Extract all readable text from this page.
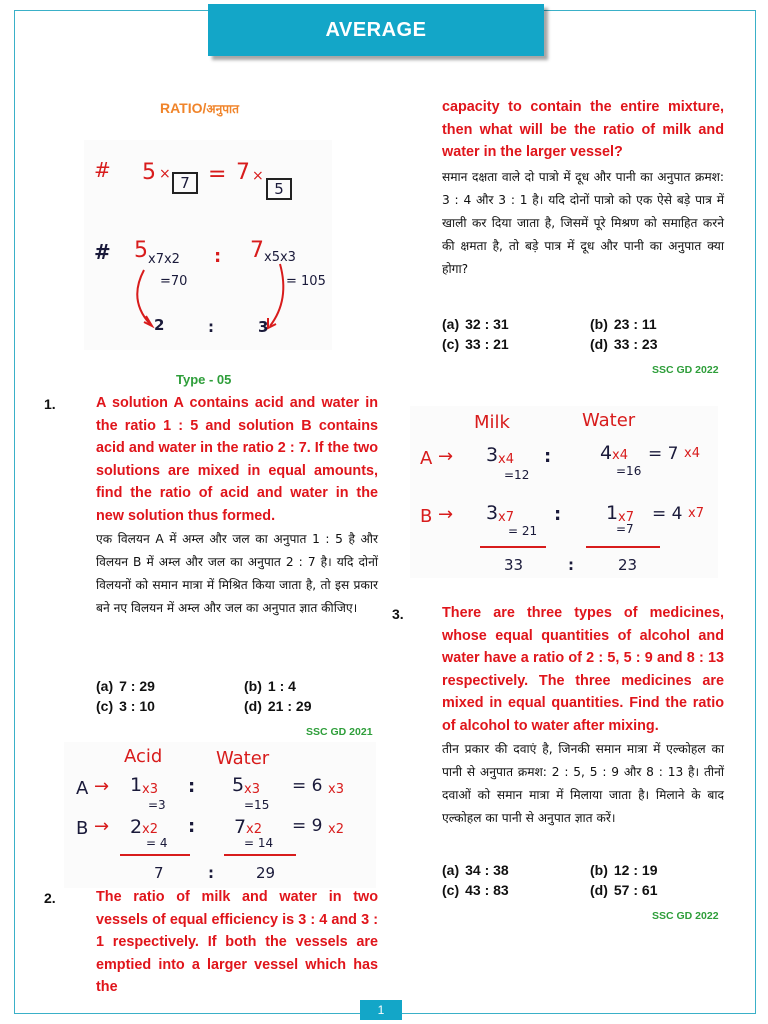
AVERAGE
RATIO/अनुपात
# 5 × 7 = 7 ×
5
# 5 x7x2 : 7 x5x3
=70	= 105
2	:	3
Type - 05
1.	A solution A contains acid and water in the ratio 1 : 5 and solution B contains acid and water in the ratio 2 : 7. If the two solutions are mixed in equal amounts, find the ratio of acid and water in the new solution thus formed.
एक विलयन A में अम्ल और जल का अनुपात 1 : 5 है और विलयन B में अम्ल और जल का अनुपात 2 : 7 है। यदि दोनों विलयनों को समान मात्रा में मिश्रित किया जाता है, तो इस प्रकार बने नए विलयन में अम्ल और जल का अनुपात ज्ञात कीजिए।
(a) 7 : 29	(b) 1 : 4
(c) 3 : 10	(d) 21 : 29
SSC GD 2021
Acid	Water
A → 1 x3 : 5 x3 = 6 x3
=3	=15
B → 2 x2 : 7 x2 = 9 x2
= 4	= 14
7	:	29
2.	The ratio of milk and water in two vessels of equal efficiency is 3 : 4 and 3 : 1 respectively. If both the vessels are emptied into a larger vessel which has the
capacity to contain the entire mixture, then what will be the ratio of milk and water in the larger vessel?
समान दक्षता वाले दो पात्रो में दूध और पानी का अनुपात क्रमश: 3 : 4 और 3 : 1 है। यदि दोनों पात्रो को एक ऐसे बड़े पात्र में खाली कर दिया जाता है, जिसमें पूरे मिश्रण को समाहित करने की क्षमता है, तो बड़े पात्र में दूध और पानी का अनुपात क्या होगा?
(a) 32 : 31	(b) 23 : 11
(c) 33 : 21	(d) 33 : 23
SSC GD 2022
Milk	Water
A → 3 x4 :	4 x4 = 7 x4
=12	=16
B → 3 x7 : 1 x7 = 4 x7
= 21	=7
33	:	23
3.	There are three types of medicines, whose equal quantities of alcohol and water have a ratio of 2 : 5, 5 : 9 and 8 : 13 respectively. The three medicines are mixed in equal quantities. Find the ratio of alcohol to water after mixing.
तीन प्रकार की दवाएं है, जिनकी समान मात्रा में एल्कोहल का पानी से अनुपात क्रमश: 2 : 5, 5 : 9 और 8 : 13 है। तीनों दवाओं को समान मात्रा में मिलाया जाता है। मिलाने के बाद एल्कोहल का पानी से अनुपात ज्ञात करें।
(a) 34 : 38	(b) 12 : 19
(c) 43 : 83	(d) 57 : 61
SSC GD 2022
1
